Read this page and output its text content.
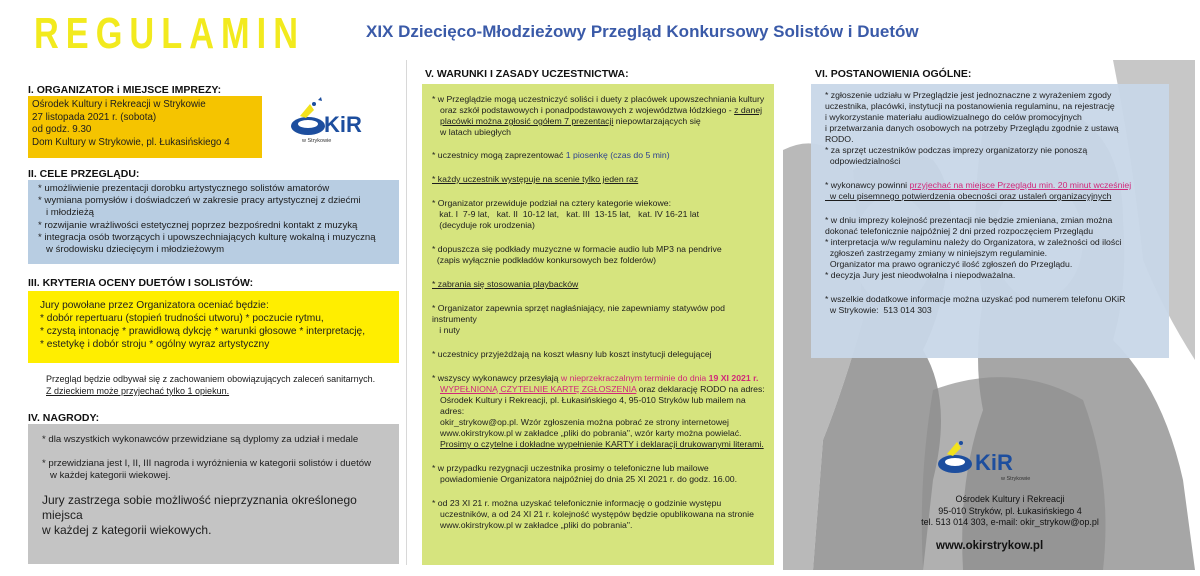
REGULAMIN	XIX Dziecięco-Młodzieżowy Przegląd Konkursowy Solistów i Duetów
I. ORGANIZATOR i MIEJSCE IMPREZY:

Ośrodek Kultury i Rekreacji w Strykowie

27 listopada 2021 r. (sobota)

od godz. 9.30

Dom Kultury w Strykowie, pl. Łukasińskiego 4

KiR
w Strykowie
II. CELE PRZEGLĄDU:

* umożliwienie prezentacji dorobku artystycznego solistów amatorów

* wymiana pomysłów i doświadczeń w zakresie pracy artystycznej z dziećmi

i młodzieżą

* rozwijanie wrażliwości estetycznej poprzez bezpośredni kontakt z muzyką

* integracja osób tworzących i upowszechniających kulturę wokalną i muzyczną

w środowisku dziecięcym i młodzieżowym

III. KRYTERIA OCENY DUETÓW I SOLISTÓW:

Jury powołane przez Organizatora oceniać będzie:

* dobór repertuaru (stopień trudności utworu) * poczucie rytmu,

* czystą intonację * prawidłową dykcję * warunki głosowe * interpretację,

* estetykę i dobór stroju * ogólny wyraz artystyczny

Przegląd będzie odbywał się z zachowaniem obowiązujących zaleceń sanitarnych.
Z dzieckiem może przyjechać tylko 1 opiekun.
IV. NAGRODY:

* dla wszystkich wykonawców przewidziane są dyplomy za udział i medale

* przewidziana jest I, II, III nagroda i wyróżnienia w kategorii solistów i duetów

w każdej kategorii wiekowej.

Jury zastrzega sobie możliwość nieprzyznania określonego miejsca

w każdej z kategorii wiekowych.

V. WARUNKI I ZASADY UCZESTNICTWA:

* w Przeglądzie mogą uczestniczyć soliści i duety z placówek upowszechniania kultury

oraz szkół podstawowych i ponadpodstawowych z województwa łódzkiego - z danej

placówki można zgłosić ogółem 7 prezentacji niepowtarzających się

w latach ubiegłych

* uczestnicy mogą zaprezentować 1 piosenkę (czas do 5 min)

* każdy uczestnik występuje na scenie tylko jeden raz

* Organizator przewiduje podział na cztery kategorie wiekowe:

kat. I  7-9 lat,   kat. II  10-12 lat,   kat. III  13-15 lat,   kat. IV 16-21 lat

(decyduje rok urodzenia)

* dopuszcza się podkłady muzyczne w formacie audio lub MP3 na pendrive

(zapis wyłącznie podkładów konkursowych bez folderów)

* zabrania się stosowania playbacków

* Organizator zapewnia sprzęt nagłaśniający, nie zapewniamy statywów pod instrumenty

i nuty

* uczestnicy przyjeżdżają na koszt własny lub koszt instytucji delegującej

* wszyscy wykonawcy przesyłają w nieprzekraczalnym terminie do dnia 19 XI 2021 r.

WYPEŁNIONĄ CZYTELNIE KARTĘ ZGŁOSZENIA oraz deklarację RODO na adres:

Ośrodek Kultury i Rekreacji, pl. Łukasińskiego 4, 95-010 Stryków lub mailem na adres:

okir_strykow@op.pl. Wzór zgłoszenia można pobrać ze strony internetowej

www.okirstrykow.pl w zakładce „pliki do pobrania", wzór karty można powielać.

Prosimy o czytelne i dokładne wypełnienie KARTY i deklaracji drukowanymi literami.

* w przypadku rezygnacji uczestnika prosimy o telefoniczne lub mailowe

powiadomienie Organizatora najpóźniej do dnia 25 XI 2021 r. do godz. 16.00.

* od 23 XI 21 r. można uzyskać telefonicznie informację o godzinie występu

uczestników, a od 24 XI 21 r. kolejność występów będzie opublikowana na stronie

www.okirstrykow.pl w zakładce „pliki do pobrania".

VI. POSTANOWIENIA OGÓLNE:

* zgłoszenie udziału w Przeglądzie jest jednoznaczne z wyrażeniem zgody

uczestnika, placówki, instytucji na postanowienia regulaminu, na rejestrację

i wykorzystanie materiału audiowizualnego do celów promocyjnych

i przetwarzania danych osobowych na potrzeby Przeglądu zgodnie z ustawą

RODO.

* za sprzęt uczestników podczas imprezy organizatorzy nie ponoszą

odpowiedzialności

* wykonawcy powinni przyjechać na miejsce Przeglądu min. 20 minut wcześniej

w celu pisemnego potwierdzenia obecności oraz ustaleń organizacyjnych

* w dniu imprezy kolejność prezentacji nie będzie zmieniana, zmian można

dokonać telefonicznie najpóźniej 2 dni przed rozpoczęciem Przeglądu

* interpretacja w/w regulaminu należy do Organizatora, w zależności od ilości

zgłoszeń zastrzegamy zmiany w niniejszym regulaminie.

Organizator ma prawo ograniczyć ilość zgłoszeń do Przeglądu.

* decyzja Jury jest nieodwołalna i niepodważalna.

* wszelkie dodatkowe informacje można uzyskać pod numerem telefonu OKiR

w Strykowie:  513 014 303

KiR
w Strykowie
Ośrodek Kultury i Rekreacji
95-010 Stryków, pl. Łukasińskiego 4
tel. 513 014 303, e-mail: okir_strykow@op.pl
www.okirstrykow.pl
